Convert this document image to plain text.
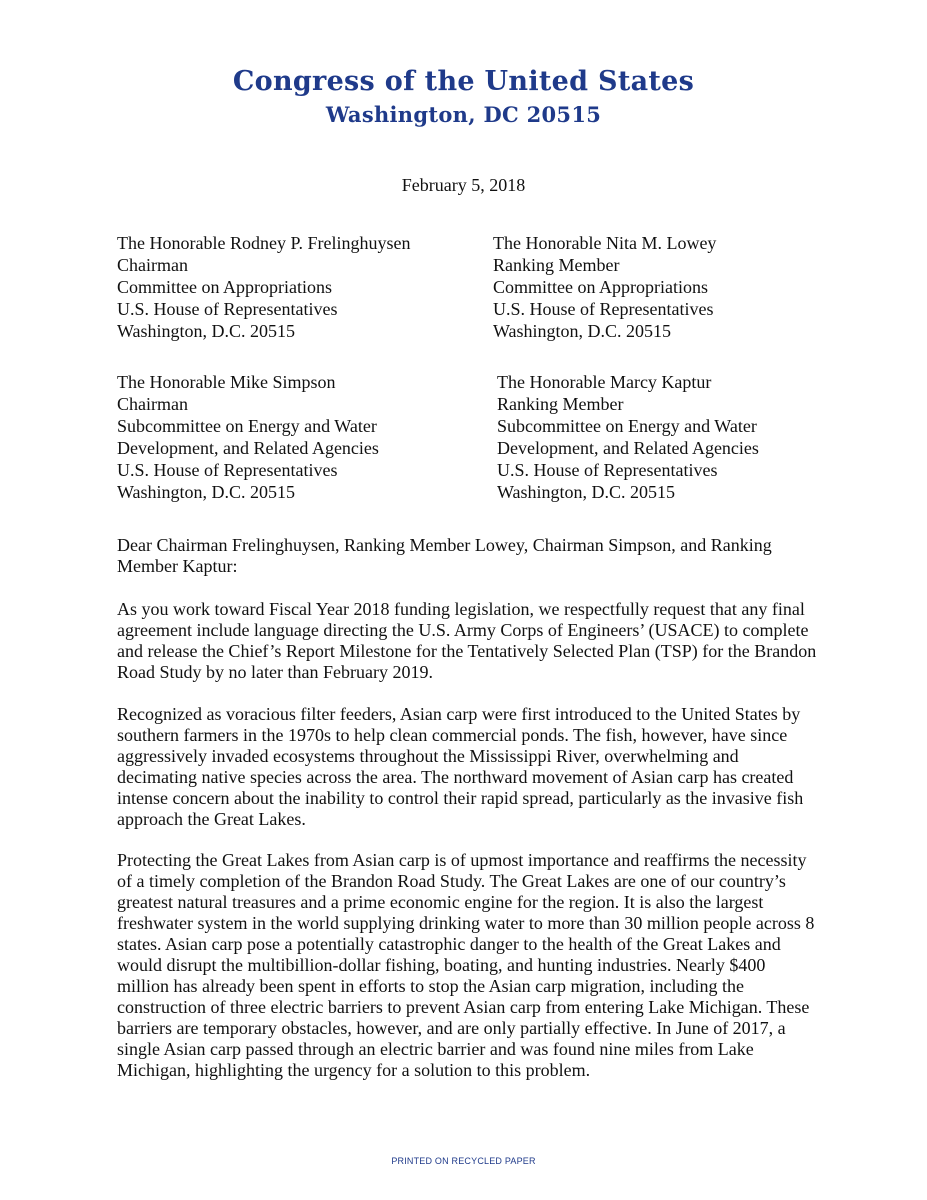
Congress of the United States
Washington, DC 20515
February 5, 2018
The Honorable Rodney P. Frelinghuysen
Chairman
Committee on Appropriations
U.S. House of Representatives
Washington, D.C. 20515
The Honorable Nita M. Lowey
Ranking Member
Committee on Appropriations
U.S. House of Representatives
Washington, D.C. 20515
The Honorable Mike Simpson
Chairman
Subcommittee on Energy and Water
Development, and Related Agencies
U.S. House of Representatives
Washington, D.C. 20515
The Honorable Marcy Kaptur
Ranking Member
Subcommittee on Energy and Water
Development, and Related Agencies
U.S. House of Representatives
Washington, D.C. 20515
Dear Chairman Frelinghuysen, Ranking Member Lowey, Chairman Simpson, and Ranking
Member Kaptur:
As you work toward Fiscal Year 2018 funding legislation, we respectfully request that any final
agreement include language directing the U.S. Army Corps of Engineers’ (USACE) to complete
and release the Chief’s Report Milestone for the Tentatively Selected Plan (TSP) for the Brandon
Road Study by no later than February 2019.
Recognized as voracious filter feeders, Asian carp were first introduced to the United States by
southern farmers in the 1970s to help clean commercial ponds. The fish, however, have since
aggressively invaded ecosystems throughout the Mississippi River, overwhelming and
decimating native species across the area. The northward movement of Asian carp has created
intense concern about the inability to control their rapid spread, particularly as the invasive fish
approach the Great Lakes.
Protecting the Great Lakes from Asian carp is of upmost importance and reaffirms the necessity
of a timely completion of the Brandon Road Study. The Great Lakes are one of our country’s
greatest natural treasures and a prime economic engine for the region. It is also the largest
freshwater system in the world supplying drinking water to more than 30 million people across 8
states. Asian carp pose a potentially catastrophic danger to the health of the Great Lakes and
would disrupt the multibillion-dollar fishing, boating, and hunting industries. Nearly $400
million has already been spent in efforts to stop the Asian carp migration, including the
construction of three electric barriers to prevent Asian carp from entering Lake Michigan. These
barriers are temporary obstacles, however, and are only partially effective. In June of 2017, a
single Asian carp passed through an electric barrier and was found nine miles from Lake
Michigan, highlighting the urgency for a solution to this problem.
PRINTED ON RECYCLED PAPER
